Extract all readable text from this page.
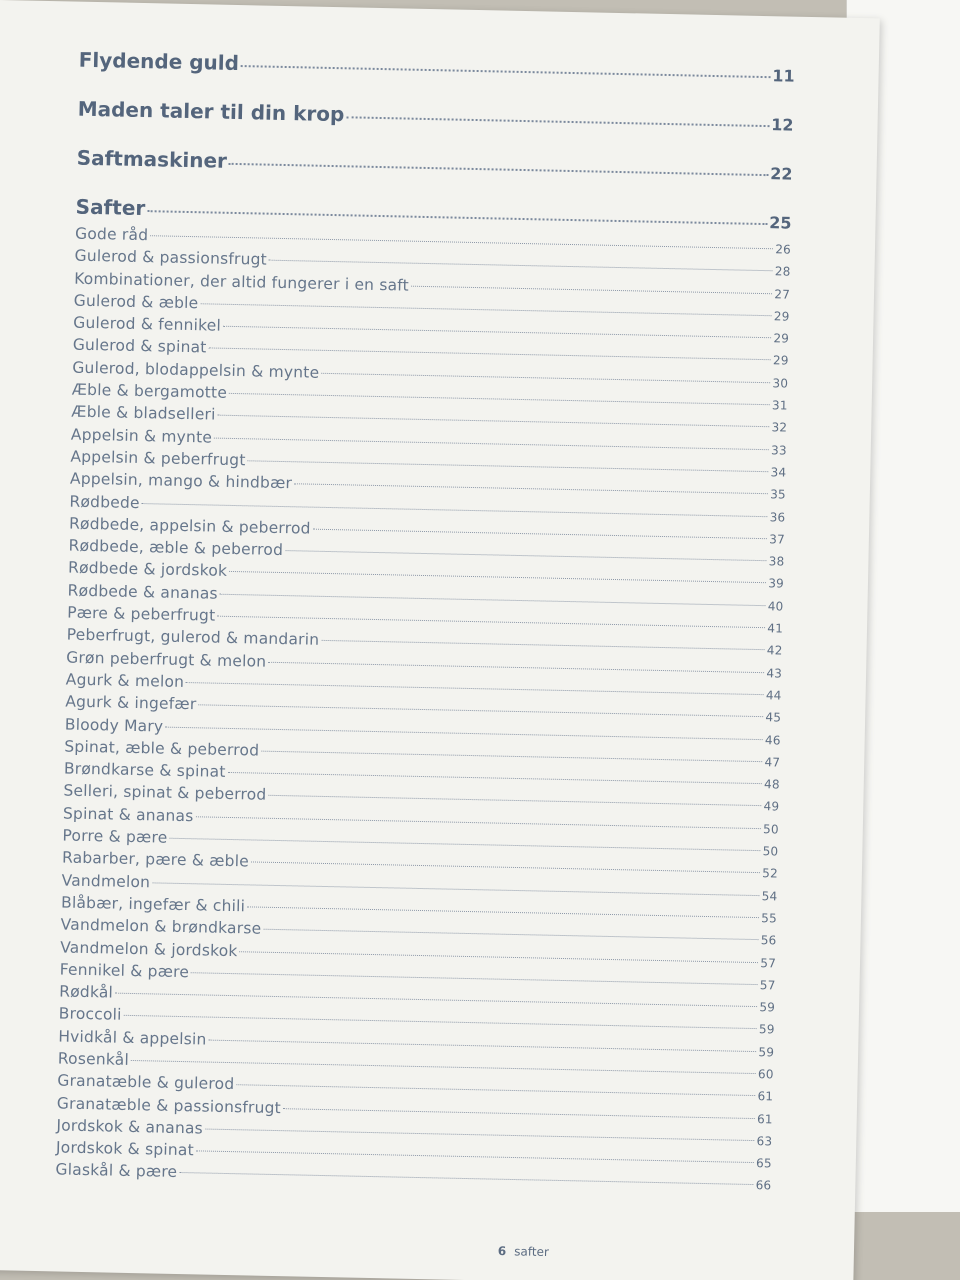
Flydende guld
11
Maden taler til din krop	12
Saftmaskiner
22
Safter
25
Gode råd
26
Gulerod & passionsfrugt
28
Kombinationer, der altid fungerer i en saft	27
Gulerod & æble
29
Gulerod & fennikel
29
Gulerod & spinat
29
Gulerod, blodappelsin & mynte
30
Æble & bergamotte
31
Æble & bladselleri
32
Appelsin & mynte
33
Appelsin & peberfrugt
34
Appelsin, mango & hindbær
35
Rødbede
36
Rødbede, appelsin & peberrod
37
Rødbede, æble & peberrod
38
Rødbede & jordskok
39
Rødbede & ananas
40
Pære & peberfrugt
41
Peberfrugt, gulerod & mandarin
42
Grøn peberfrugt & melon
43
Agurk & melon
44
Agurk & ingefær
45
Bloody Mary
46
Spinat, æble & peberrod
47
Brøndkarse & spinat
48
Selleri, spinat & peberrod
49
Spinat & ananas
50
Porre & pære
50
Rabarber, pære & æble
52
Vandmelon
54
Blåbær, ingefær & chili
55
Vandmelon & brøndkarse
56
Vandmelon & jordskok
57
Fennikel & pære
57
Rødkål
59
Broccoli
59
Hvidkål & appelsin
59
Rosenkål
60
Granatæble & gulerod
61
Granatæble & passionsfrugt
61
Jordskok & ananas
63
Jordskok & spinat
65
Glaskål & pære
66
6 safter
